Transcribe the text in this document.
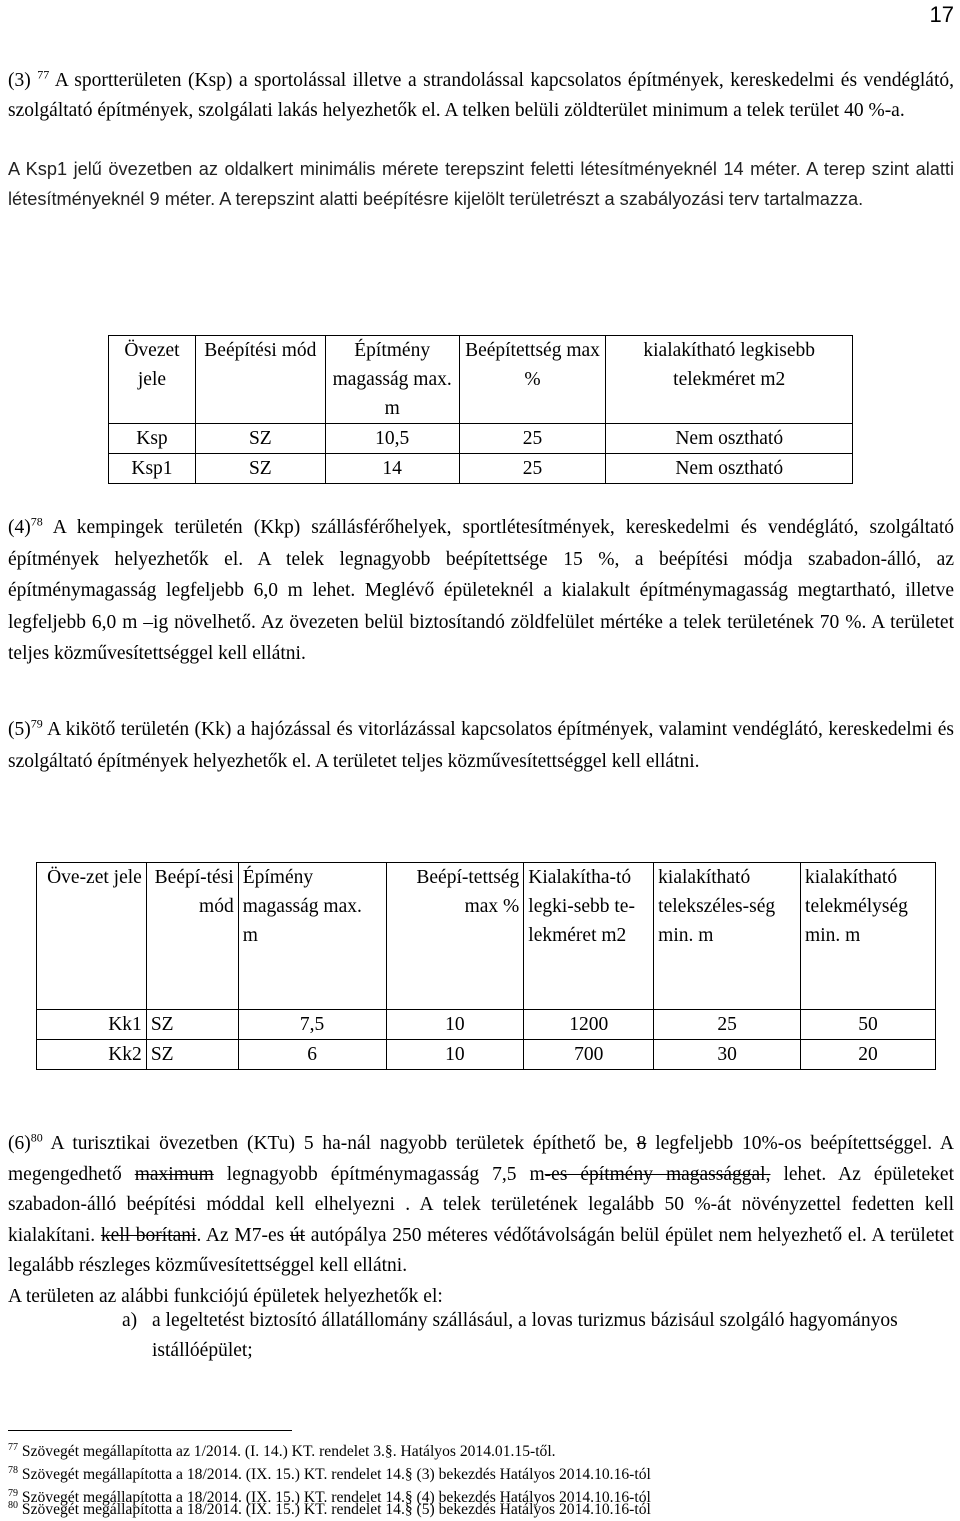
17
(3) $^{77}$ A sportterületen (Ksp) a sportolással illetve a strandolással kapcsolatos építmények, kereskedelmi és vendéglátó, szolgáltató építmények, szolgálati lakás helyezhetők el. A telken belüli zöldterület minimum a telek terület 40 %-a.
A Ksp1 jelű övezetben az oldalkert minimális mérete terepszint feletti létesítményeknél 14 méter. A terep szint alatti létesítményeknél 9 méter. A terepszint alatti beépítésre kijelölt területrészt a szabályozási terv tartalmazza.
Övezet jele	Beépítési mód	Építmény magasság max. m	Beépítettség max %	kialakítható legkisebb telekméret m2
Ksp	SZ	10,5	25	Nem osztható
Ksp1	SZ	14	25	Nem osztható
$(4)^{78}$ A kempingek területén (Kkp) szállásférőhelyek, sportlétesítmények, kereskedelmi és vendéglátó, szolgáltató építmények helyezhetők el. A telek legnagyobb beépítettsége 15 %, a beépítési módja szabadon-álló, az építménymagasság legfeljebb 6,0 m lehet. Meglévő épületeknél a kialakult építménymagasság megtartható, illetve legfeljebb 6,0 m –ig növelhető. Az övezeten belül biztosítandó zöldfelület mértéke a telek területének 70 %. A területet teljes közművesítettséggel kell ellátni.
$(5)^{79}$ A kikötő területén (Kk) a hajózással és vitorlázással kapcsolatos építmények, valamint vendéglátó, kereskedelmi és szolgáltató építmények helyezhetők el. A területet teljes közművesítettséggel kell ellátni.
Öve-zet jele	Beépí-tési mód	Épímény magasság max. m	Beépí-tettség max %	Kialakítha-tó legki-sebb te-lekméret m2	kialakítható telekszéles-ség min. m	kialakítható telekmélység min. m
Kk1	SZ	7,5	10	1200	25	50
Kk2	SZ	6	10	700	30	20
$(6)^{80}$ A turisztikai övezetben (KTu) 5 ha-nál nagyobb területek építhető be, 8 legfeljebb 10%-os beépítettséggel. A megengedhető maximum legnagyobb építménymagasság 7,5 m-es építmény magassággal, lehet. Az épületeket szabadon-álló beépítési móddal kell elhelyezni . A telek területének legalább 50 %-át növényzettel fedetten kell kialakítani. kell borítani. Az M7-es út autópálya 250 méteres védőtávolságán belül épület nem helyezhető el. A területet legalább részleges közművesítettséggel kell ellátni.
A területen az alábbi funkciójú épületek helyezhetők el:
a) a legeltetést biztosító állatállomány szállásául, a lovas turizmus bázisául szolgáló hagyományos istállóépület;
$^{77}$ Szövegét megállapította az 1/2014. (I. 14.) KT. rendelet 3.§. Hatályos 2014.01.15-től.
$^{78}$ Szövegét megállapította a 18/2014. (IX. 15.) KT. rendelet 14.§ (3) bekezdés Hatályos 2014.10.16-tól
$^{79}$ Szövegét megállapította a 18/2014. (IX. 15.) KT. rendelet 14.§ (4) bekezdés Hatályos 2014.10.16-tól
$^{80}$ Szövegét megállapította a 18/2014. (IX. 15.) KT. rendelet 14.§ (5) bekezdés Hatályos 2014.10.16-tól
